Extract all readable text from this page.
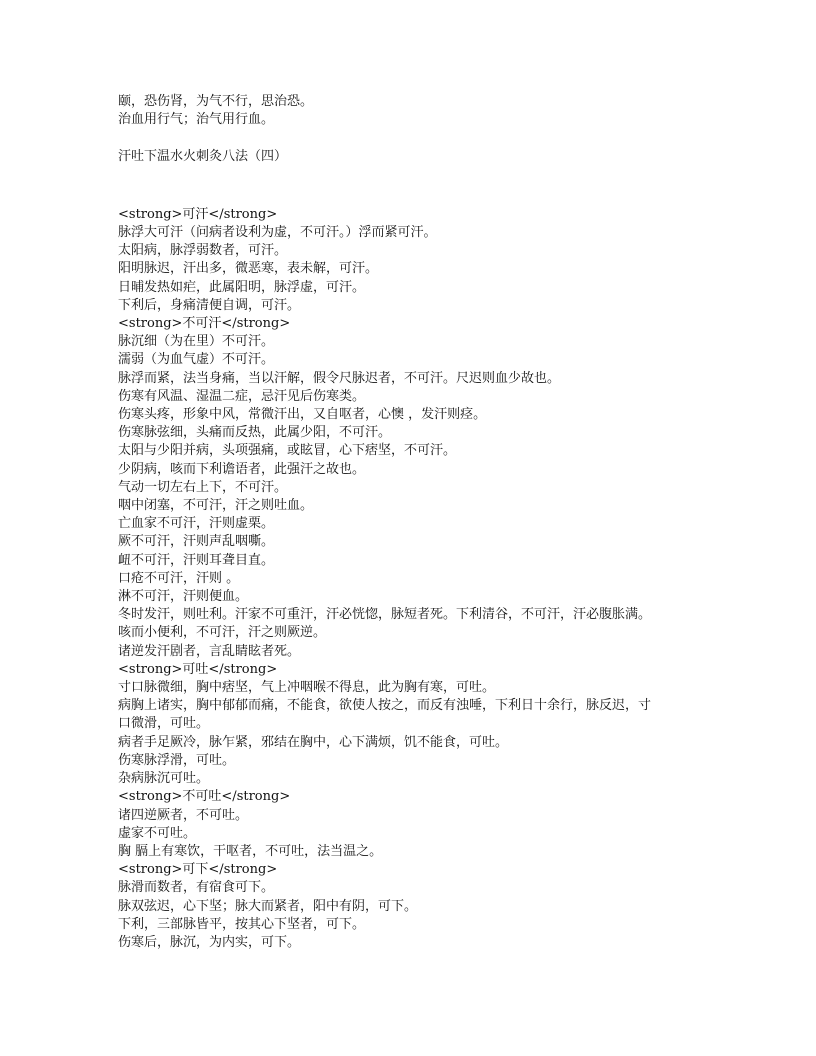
颐，恐伤肾，为气不行，思治恐。

治血用行气；治气用行血。

汗吐下温水火刺灸八法（四）

<strong>可汗</strong>

脉浮大可汗（问病者设利为虚，不可汗。）浮而紧可汗。

太阳病，脉浮弱数者，可汗。

阳明脉迟，汗出多，微恶寒，表未解，可汗。

日晡发热如疟，此属阳明，脉浮虚，可汗。

下利后，身痛清便自调，可汗。

<strong>不可汗</strong>

脉沉细（为在里）不可汗。

濡弱（为血气虚）不可汗。

脉浮而紧，法当身痛，当以汗解，假令尺脉迟者，不可汗。尺迟则血少故也。

伤寒有风温、湿温二症，忌汗见后伤寒类。

伤寒头疼，形象中风，常微汗出，又自呕者，心懊 ，发汗则痉。

伤寒脉弦细，头痛而反热，此属少阳，不可汗。

太阳与少阳并病，头项强痛，或眩冒，心下痞坚，不可汗。

少阴病，咳而下利谵语者，此强汗之故也。

气动一切左右上下，不可汗。

咽中闭塞，不可汗，汗之则吐血。

亡血家不可汗，汗则虚栗。

厥不可汗，汗则声乱咽嘶。

衄不可汗，汗则耳聋目直。

口疮不可汗，汗则 。

淋不可汗，汗则便血。

冬时发汗，则吐利。汗家不可重汗，汗必恍惚，脉短者死。下利清谷，不可汗，汗必腹胀满。

咳而小便利，不可汗，汗之则厥逆。

诸逆发汗剧者，言乱睛眩者死。

<strong>可吐</strong>

寸口脉微细，胸中痞坚，气上冲咽喉不得息，此为胸有寒，可吐。

病胸上诸实，胸中郁郁而痛，不能食，欲使人按之，而反有浊唾，下利日十余行，脉反迟，寸

口微滑，可吐。

病者手足厥冷，脉乍紧，邪结在胸中，心下满烦，饥不能食，可吐。

伤寒脉浮滑，可吐。

杂病脉沉可吐。

<strong>不可吐</strong>

诸四逆厥者，不可吐。

虚家不可吐。

胸 膈上有寒饮，干呕者，不可吐，法当温之。

<strong>可下</strong>

脉滑而数者，有宿食可下。

脉双弦迟，心下坚；脉大而紧者，阳中有阴，可下。

下利，三部脉皆平，按其心下坚者，可下。

伤寒后，脉沉，为内实，可下。
